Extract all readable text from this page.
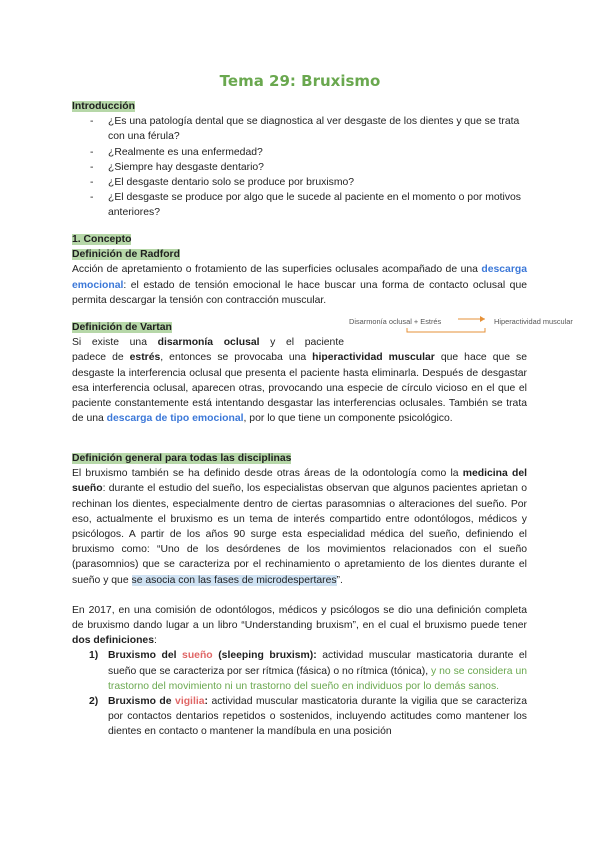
Tema 29: Bruxismo
Introducción
- ¿Es una patología dental que se diagnostica al ver desgaste de los dientes y que se trata con una férula?
- ¿Realmente es una enfermedad?
- ¿Siempre hay desgaste dentario?
- ¿El desgaste dentario solo se produce por bruxismo?
- ¿El desgaste se produce por algo que le sucede al paciente en el momento o por motivos anteriores?
1. Concepto
Definición de Radford
Acción de apretamiento o frotamiento de las superficies oclusales acompañado de una descarga emocional: el estado de tensión emocional le hace buscar una forma de contacto oclusal que permita descargar la tensión con contracción muscular.
Definición de Vartan
Si existe una disarmonía oclusal y el paciente
padece de estrés, entonces se provocaba una hiperactividad muscular que hace que se desgaste la interferencia oclusal que presenta el paciente hasta eliminarla. Después de desgastar esa interferencia oclusal, aparecen otras, provocando una especie de círculo vicioso en el que el paciente constantemente está intentando desgastar las interferencias oclusales. También se trata de una descarga de tipo emocional, por lo que tiene un componente psicológico.
Disarmonía oclusal + Estrés	Hiperactividad muscular
Definición general para todas las disciplinas
El bruxismo también se ha definido desde otras áreas de la odontología como la medicina del sueño: durante el estudio del sueño, los especialistas observan que algunos pacientes aprietan o rechinan los dientes, especialmente dentro de ciertas parasomnias o alteraciones del sueño. Por eso, actualmente el bruxismo es un tema de interés compartido entre odontólogos, médicos y psicólogos. A partir de los años 90 surge esta especialidad médica del sueño, definiendo el bruxismo como: “Uno de los desórdenes de los movimientos relacionados con el sueño (parasomnios) que se caracteriza por el rechinamiento o apretamiento de los dientes durante el sueño y que se asocia con las fases de microdespertares”.
En 2017, en una comisión de odontólogos, médicos y psicólogos se dio una definición completa de bruxismo dando lugar a un libro “Understanding bruxism”, en el cual el bruxismo puede tener dos definiciones:
1) Bruxismo del sueño (sleeping bruxism): actividad muscular masticatoria durante el sueño que se caracteriza por ser rítmica (fásica) o no rítmica (tónica), y no se considera un trastorno del movimiento ni un trastorno del sueño en individuos por lo demás sanos.
2) Bruxismo de vigilia: actividad muscular masticatoria durante la vigilia que se caracteriza por contactos dentarios repetidos o sostenidos, incluyendo actitudes como mantener los dientes en contacto o mantener la mandíbula en una posición
